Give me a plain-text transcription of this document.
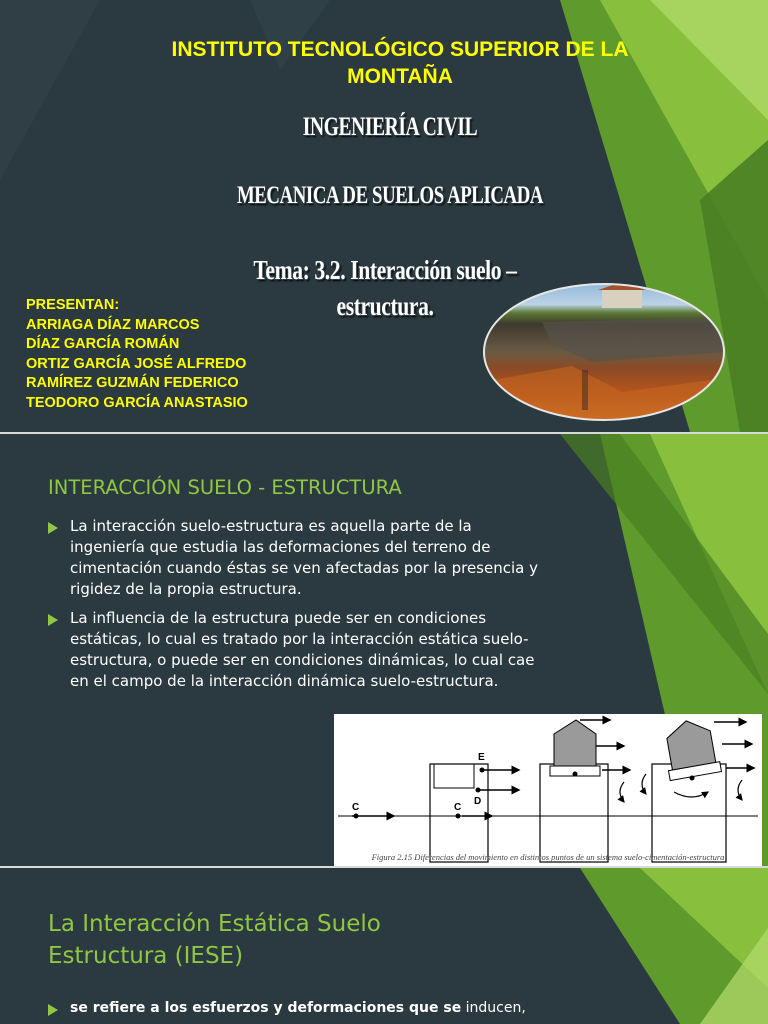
INSTITUTO TECNOLÓGICO SUPERIOR DE LA MONTAÑA
INGENIERÍA CIVIL
MECANICA DE SUELOS APLICADA
Tema: 3.2. Interacción suelo – estructura.
PRESENTAN:
ARRIAGA DÍAZ MARCOS
DÍAZ GARCÍA ROMÁN
ORTIZ GARCÍA JOSÉ ALFREDO
RAMÍREZ GUZMÁN FEDERICO
TEODORO GARCÍA ANASTASIO
INTERACCIÓN SUELO - ESTRUCTURA
La interacción suelo-estructura es aquella parte de la ingeniería que estudia las deformaciones del terreno de cimentación cuando éstas se ven afectadas por la presencia y rigidez de la propia estructura.
La influencia de la estructura puede ser en condiciones estáticas, lo cual es tratado por la interacción estática suelo-estructura, o puede ser en condiciones dinámicas, lo cual cae en el campo de la interacción dinámica suelo-estructura.
C
E
D
C
Figura 2.15 Diferencias del movimiento en distintos puntos de un sistema suelo-cimentación-estructura
La Interacción Estática Suelo Estructura (IESE)
se refiere a los esfuerzos y deformaciones que se inducen,
